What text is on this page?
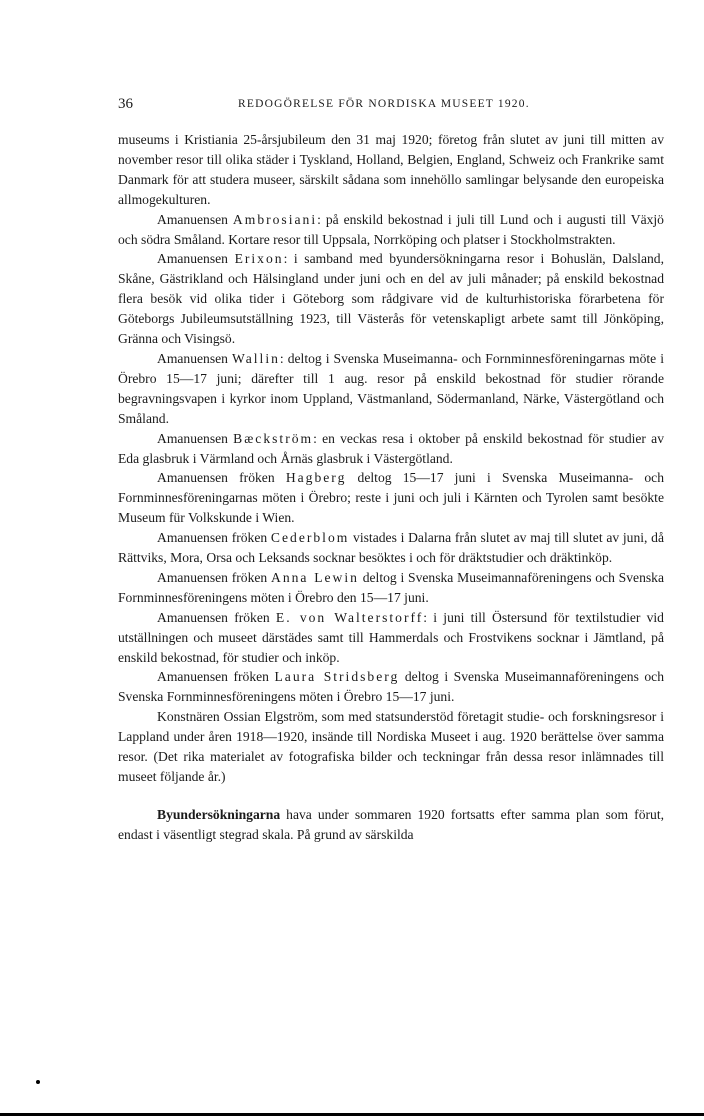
36	REDOGÖRELSE FÖR NORDISKA MUSEET 1920.

museums i Kristiania 25-årsjubileum den 31 maj 1920; företog från slutet av juni till mitten av november resor till olika städer i Tyskland, Holland, Belgien, England, Schweiz och Frankrike samt Danmark för att studera museer, särskilt sådana som innehöllo samlingar belysande den europeiska allmogekulturen.

Amanuensen Ambrosiani: på enskild bekostnad i juli till Lund och i augusti till Växjö och södra Småland. Kortare resor till Uppsala, Norrköping och platser i Stockholmstrakten.

Amanuensen Erixon: i samband med byundersökningarna resor i Bohuslän, Dalsland, Skåne, Gästrikland och Hälsingland under juni och en del av juli månader; på enskild bekostnad flera besök vid olika tider i Göteborg som rådgivare vid de kulturhistoriska förarbetena för Göteborgs Jubileumsutställning 1923, till Västerås för vetenskapligt arbete samt till Jönköping, Gränna och Visingsö.

Amanuensen Wallin: deltog i Svenska Museimanna- och Fornminnesföreningarnas möte i Örebro 15—17 juni; därefter till 1 aug. resor på enskild bekostnad för studier rörande begravningsvapen i kyrkor inom Uppland, Västmanland, Södermanland, Närke, Västergötland och Småland.

Amanuensen Bæckström: en veckas resa i oktober på enskild bekostnad för studier av Eda glasbruk i Värmland och Årnäs glasbruk i Västergötland.

Amanuensen fröken Hagberg deltog 15—17 juni i Svenska Museimanna- och Fornminnesföreningarnas möten i Örebro; reste i juni och juli i Kärnten och Tyrolen samt besökte Museum für Volkskunde i Wien.

Amanuensen fröken Cederblom vistades i Dalarna från slutet av maj till slutet av juni, då Rättviks, Mora, Orsa och Leksands socknar besöktes i och för dräktstudier och dräktinköp.

Amanuensen fröken Anna Lewin deltog i Svenska Museimannaföreningens och Svenska Fornminnesföreningens möten i Örebro den 15—17 juni.

Amanuensen fröken E. von Walterstorff: i juni till Östersund för textilstudier vid utställningen och museet därstädes samt till Hammerdals och Frostvikens socknar i Jämtland, på enskild bekostnad, för studier och inköp.

Amanuensen fröken Laura Stridsberg deltog i Svenska Museimannaföreningens och Svenska Fornminnesföreningens möten i Örebro 15—17 juni.

Konstnären Ossian Elgström, som med statsunderstöd företagit studie- och forskningsresor i Lappland under åren 1918—1920, insände till Nordiska Museet i aug. 1920 berättelse över samma resor. (Det rika materialet av fotografiska bilder och teckningar från dessa resor inlämnades till museet följande år.)

Byundersökningarna hava under sommaren 1920 fortsatts efter samma plan som förut, endast i väsentligt stegrad skala. På grund av särskilda
